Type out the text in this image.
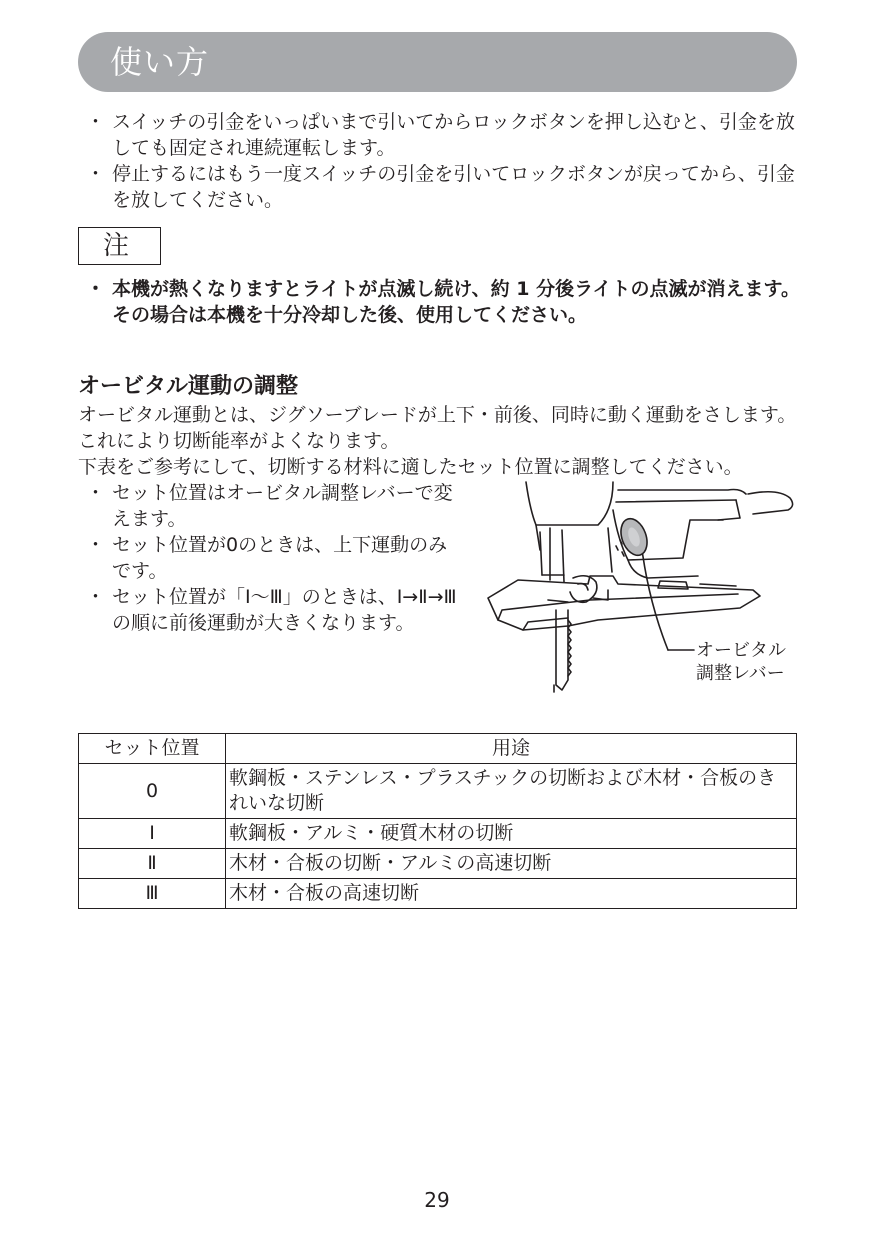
使い方
・ スイッチの引金をいっぱいまで引いてからロックボタンを押し込むと、引金を放しても固定され連続運転します。
・ 停止するにはもう一度スイッチの引金を引いてロックボタンが戻ってから、引金を放してください。
注
・ 本機が熱くなりますとライトが点滅し続け、約 1 分後ライトの点滅が消えます。その場合は本機を十分冷却した後、使用してください。
オービタル運動の調整

オービタル運動とは、ジグソーブレードが上下・前後、同時に動く運動をさします。これにより切断能率がよくなります。

下表をご参考にして、切断する材料に適したセット位置に調整してください。

・ セット位置はオービタル調整レバーで変えます。
・ セット位置が0のときは、上下運動のみです。
・ セット位置が「Ⅰ～Ⅲ」のときは、Ⅰ→Ⅱ→Ⅲの順に前後運動が大きくなります。
オービタル
調整レバー
セット位置	用途
0	軟鋼板・ステンレス・プラスチックの切断および木材・合板のきれいな切断
Ⅰ	軟鋼板・アルミ・硬質木材の切断
Ⅱ	木材・合板の切断・アルミの高速切断
Ⅲ	木材・合板の高速切断
29
